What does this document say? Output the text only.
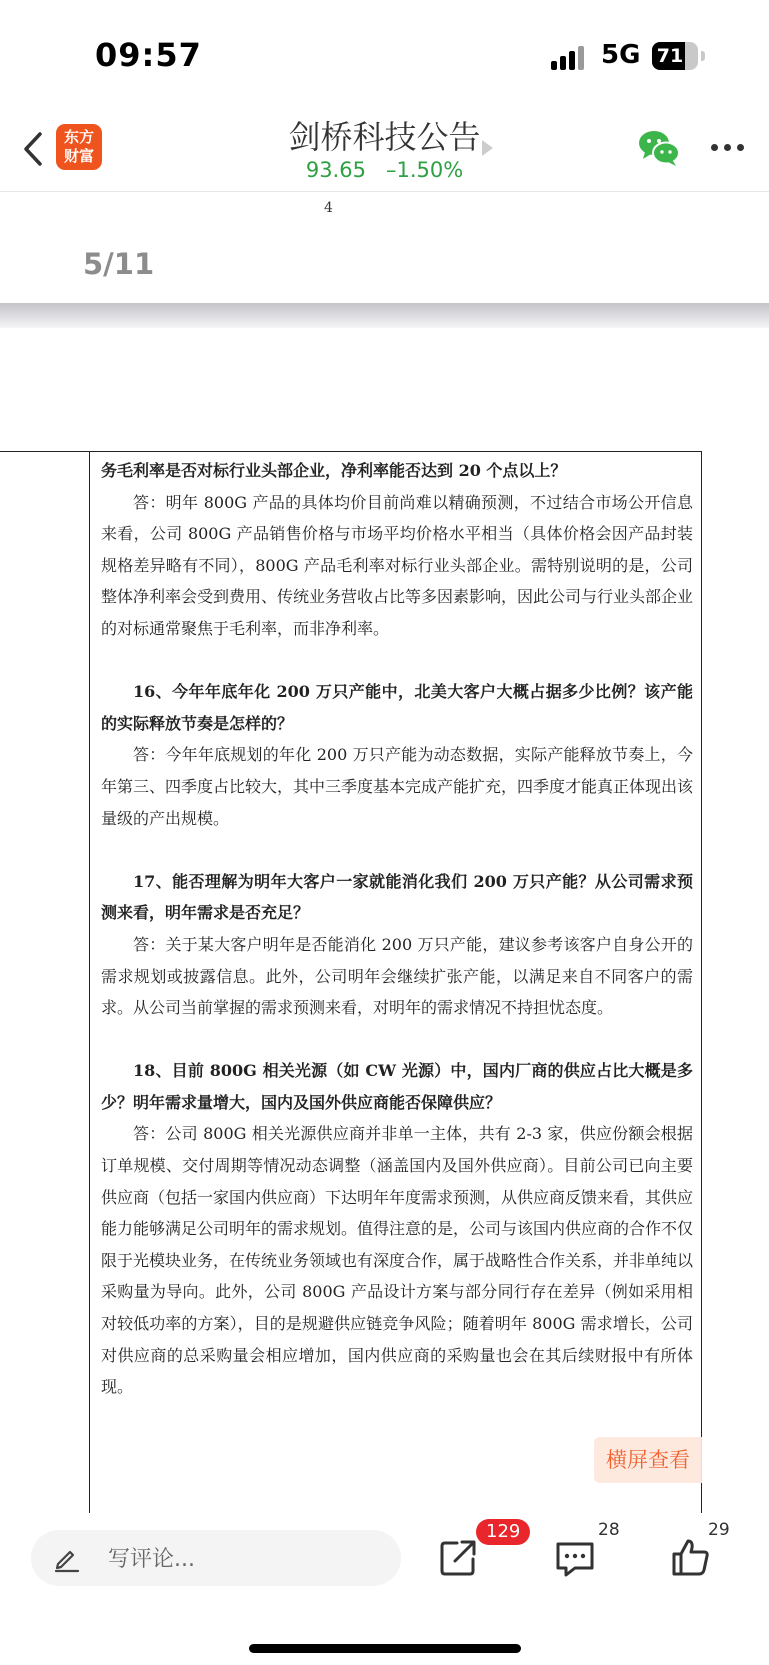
09:57	5G 71
东方
财富	剑桥科技公告
93.65 –1.50%
4
5/11

务毛利率是否对标行业头部企业，净利率能否达到 20 个点以上？

答：明年 800G 产品的具体均价目前尚难以精确预测，不过结合市场公开信息来看，公司 800G 产品销售价格与市场平均价格水平相当（具体价格会因产品封装规格差异略有不同），800G 产品毛利率对标行业头部企业。需特别说明的是，公司整体净利率会受到费用、传统业务营收占比等多因素影响，因此公司与行业头部企业的对标通常聚焦于毛利率，而非净利率。

16、今年年底年化 200 万只产能中，北美大客户大概占据多少比例？该产能的实际释放节奏是怎样的？

答：今年年底规划的年化 200 万只产能为动态数据，实际产能释放节奏上，今年第三、四季度占比较大，其中三季度基本完成产能扩充，四季度才能真正体现出该量级的产出规模。

17、能否理解为明年大客户一家就能消化我们 200 万只产能？从公司需求预测来看，明年需求是否充足？

答：关于某大客户明年是否能消化 200 万只产能，建议参考该客户自身公开的需求规划或披露信息。此外，公司明年会继续扩张产能，以满足来自不同客户的需求。从公司当前掌握的需求预测来看，对明年的需求情况不持担忧态度。

18、目前 800G 相关光源（如 CW 光源）中，国内厂商的供应占比大概是多少？明年需求量增大，国内及国外供应商能否保障供应？

答：公司 800G 相关光源供应商并非单一主体，共有 2-3 家，供应份额会根据订单规模、交付周期等情况动态调整（涵盖国内及国外供应商）。目前公司已向主要供应商（包括一家国内供应商）下达明年年度需求预测，从供应商反馈来看，其供应能力能够满足公司明年的需求规划。值得注意的是，公司与该国内供应商的合作不仅限于光模块业务，在传统业务领域也有深度合作，属于战略性合作关系，并非单纯以采购量为导向。此外，公司 800G 产品设计方案与部分同行存在差异（例如采用相对较低功率的方案），目的是规避供应链竞争风险；随着明年 800G 需求增长，公司对供应商的总采购量会相应增加，国内供应商的采购量也会在其后续财报中有所体现。

横屏查看
写评论...
129	28	29
